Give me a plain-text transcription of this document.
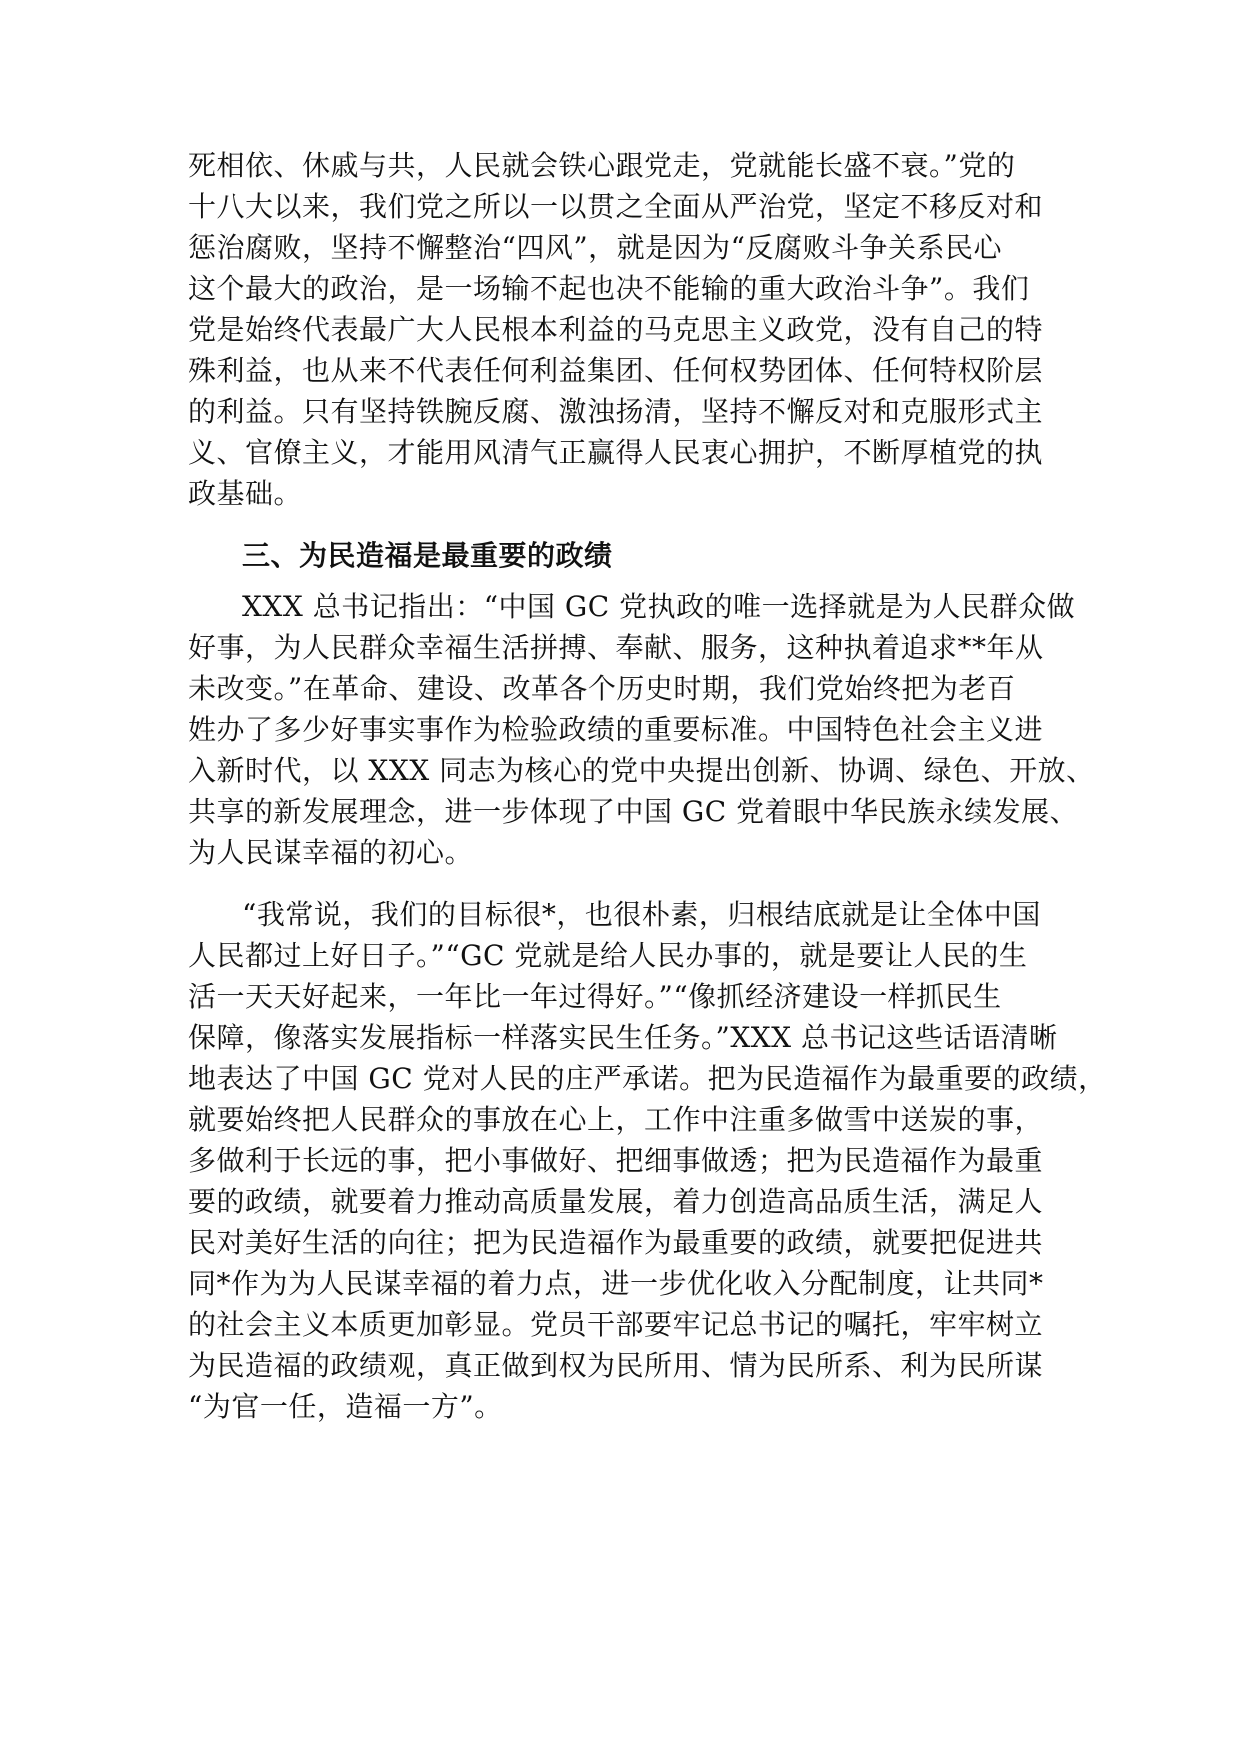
死相依、休戚与共，人民就会铁心跟党走，党就能长盛不衰。”党的
十八大以来，我们党之所以一以贯之全面从严治党，坚定不移反对和
惩治腐败，坚持不懈整治“四风”，就是因为“反腐败斗争关系民心
这个最大的政治，是一场输不起也决不能输的重大政治斗争”。我们
党是始终代表最广大人民根本利益的马克思主义政党，没有自己的特
殊利益，也从来不代表任何利益集团、任何权势团体、任何特权阶层
的利益。只有坚持铁腕反腐、激浊扬清，坚持不懈反对和克服形式主
义、官僚主义，才能用风清气正赢得人民衷心拥护，不断厚植党的执
政基础。

三、为民造福是最重要的政绩

XXX 总书记指出：“中国 GC 党执政的唯一选择就是为人民群众做
好事，为人民群众幸福生活拼搏、奉献、服务，这种执着追求**年从
未改变。”在革命、建设、改革各个历史时期，我们党始终把为老百
姓办了多少好事实事作为检验政绩的重要标准。中国特色社会主义进
入新时代，以 XXX 同志为核心的党中央提出创新、协调、绿色、开放、
共享的新发展理念，进一步体现了中国 GC 党着眼中华民族永续发展、
为人民谋幸福的初心。

“我常说，我们的目标很*，也很朴素，归根结底就是让全体中国
人民都过上好日子。”“GC 党就是给人民办事的，就是要让人民的生
活一天天好起来，一年比一年过得好。”“像抓经济建设一样抓民生
保障，像落实发展指标一样落实民生任务。”XXX 总书记这些话语清晰
地表达了中国 GC 党对人民的庄严承诺。把为民造福作为最重要的政绩，
就要始终把人民群众的事放在心上，工作中注重多做雪中送炭的事，
多做利于长远的事，把小事做好、把细事做透；把为民造福作为最重
要的政绩，就要着力推动高质量发展，着力创造高品质生活，满足人
民对美好生活的向往；把为民造福作为最重要的政绩，就要把促进共
同*作为为人民谋幸福的着力点，进一步优化收入分配制度，让共同*
的社会主义本质更加彰显。党员干部要牢记总书记的嘱托，牢牢树立
为民造福的政绩观，真正做到权为民所用、情为民所系、利为民所谋
“为官一任，造福一方”。
